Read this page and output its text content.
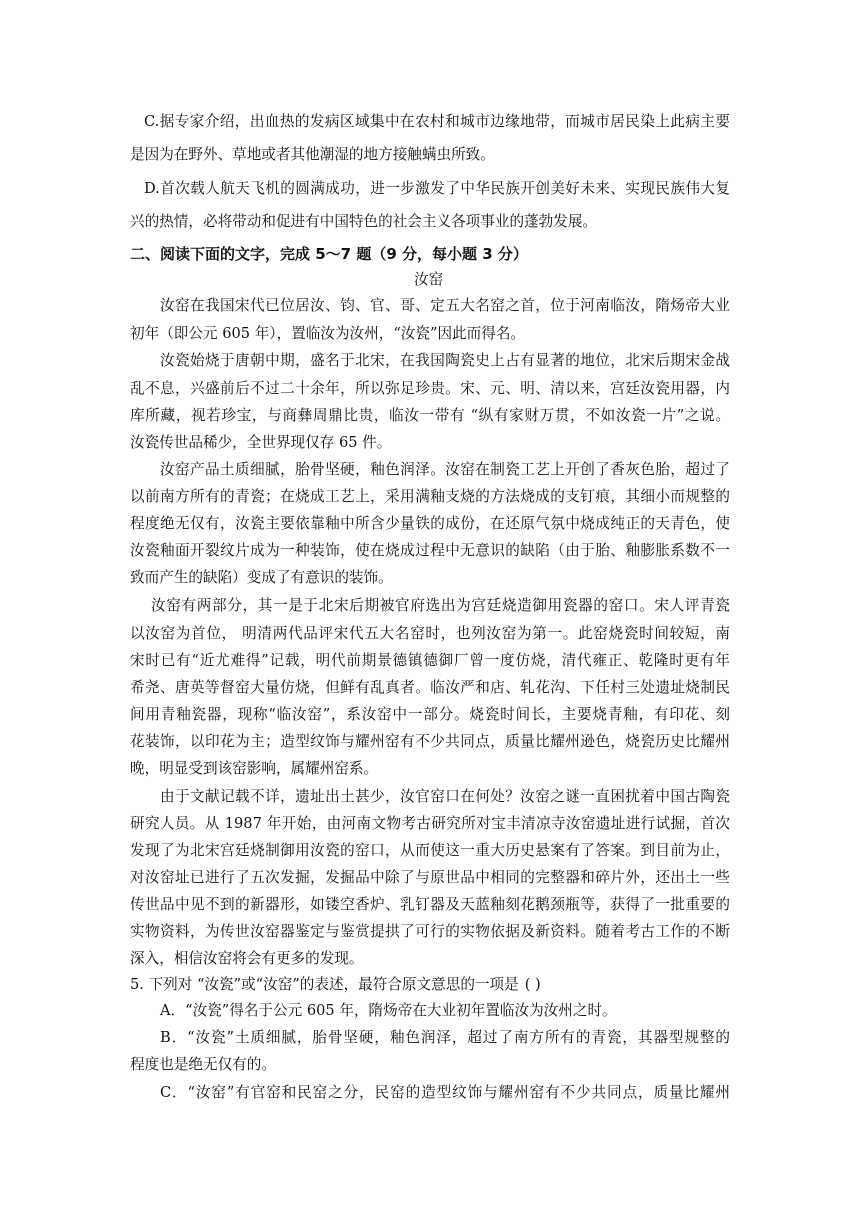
C.据专家介绍，出血热的发病区域集中在农村和城市边缘地带，而城市居民染上此病主要

是因为在野外、草地或者其他潮湿的地方接触螨虫所致。

D.首次载人航天飞机的圆满成功，进一步激发了中华民族开创美好未来、实现民族伟大复

兴的热情，必将带动和促进有中国特色的社会主义各项事业的蓬勃发展。

二、阅读下面的文字，完成 5～7 题（9 分，每小题 3 分）

汝窑

汝窑在我国宋代已位居汝、钧、官、哥、定五大名窑之首，位于河南临汝，隋炀帝大业

初年（即公元 605 年），置临汝为汝州，“汝瓷”因此而得名。

汝瓷始烧于唐朝中期，盛名于北宋，在我国陶瓷史上占有显著的地位，北宋后期宋金战

乱不息，兴盛前后不过二十余年，所以弥足珍贵。宋、元、明、清以来，宫廷汝瓷用器，内

库所藏，视若珍宝，与商彝周鼎比贵，临汝一带有 “纵有家财万贯，不如汝瓷一片”之说。

汝瓷传世品稀少，全世界现仅存 65 件。

汝窑产品土质细腻，胎骨坚硬，釉色润泽。汝窑在制瓷工艺上开创了香灰色胎，超过了

以前南方所有的青瓷；在烧成工艺上，采用满釉支烧的方法烧成的支钉痕，其细小而规整的

程度绝无仅有，汝瓷主要依靠釉中所含少量铁的成份，在还原气氛中烧成纯正的天青色，使

汝瓷釉面开裂纹片成为一种装饰，使在烧成过程中无意识的缺陷（由于胎、釉膨胀系数不一

致而产生的缺陷）变成了有意识的装饰。

汝窑有两部分，其一是于北宋后期被官府选出为宫廷烧造御用瓷器的窑口。宋人评青瓷

以汝窑为首位， 明清两代品评宋代五大名窑时，也列汝窑为第一。此窑烧瓷时间较短，南

宋时已有“近尤难得”记载，明代前期景德镇德御厂曾一度仿烧，清代雍正、乾隆时更有年

希尧、唐英等督窑大量仿烧，但鲜有乱真者。临汝严和店、轧花沟、下任村三处遗址烧制民

间用青釉瓷器，现称“临汝窑”，系汝窑中一部分。烧瓷时间长，主要烧青釉，有印花、刻

花装饰，以印花为主；造型纹饰与耀州窑有不少共同点，质量比耀州逊色，烧瓷历史比耀州

晚，明显受到该窑影响，属耀州窑系。

由于文献记载不详，遗址出土甚少，汝官窑口在何处？汝窑之谜一直困扰着中国古陶瓷

研究人员。从 1987 年开始，由河南文物考古研究所对宝丰清凉寺汝窑遗址进行试掘，首次

发现了为北宋宫廷烧制御用汝瓷的窑口，从而使这一重大历史悬案有了答案。到目前为止，

对汝窑址已进行了五次发掘，发掘品中除了与原世品中相同的完整器和碎片外，还出土一些

传世品中见不到的新器形，如镂空香炉、乳钉器及天蓝釉刻花鹅颈瓶等，获得了一批重要的

实物资料，为传世汝窑器鉴定与鉴赏提拱了可行的实物依据及新资料。随着考古工作的不断

深入，相信汝窑将会有更多的发现。

5. 下列对 “汝瓷”或“汝窑”的表述，最符合原文意思的一项是 ( )

A．“汝瓷”得名于公元 605 年，隋炀帝在大业初年置临汝为汝州之时。

B．“汝瓷”土质细腻，胎骨坚硬，釉色润泽，超过了南方所有的青瓷，其器型规整的

程度也是绝无仅有的。

C．“汝窑”有官窑和民窑之分，民窑的造型纹饰与耀州窑有不少共同点，质量比耀州
